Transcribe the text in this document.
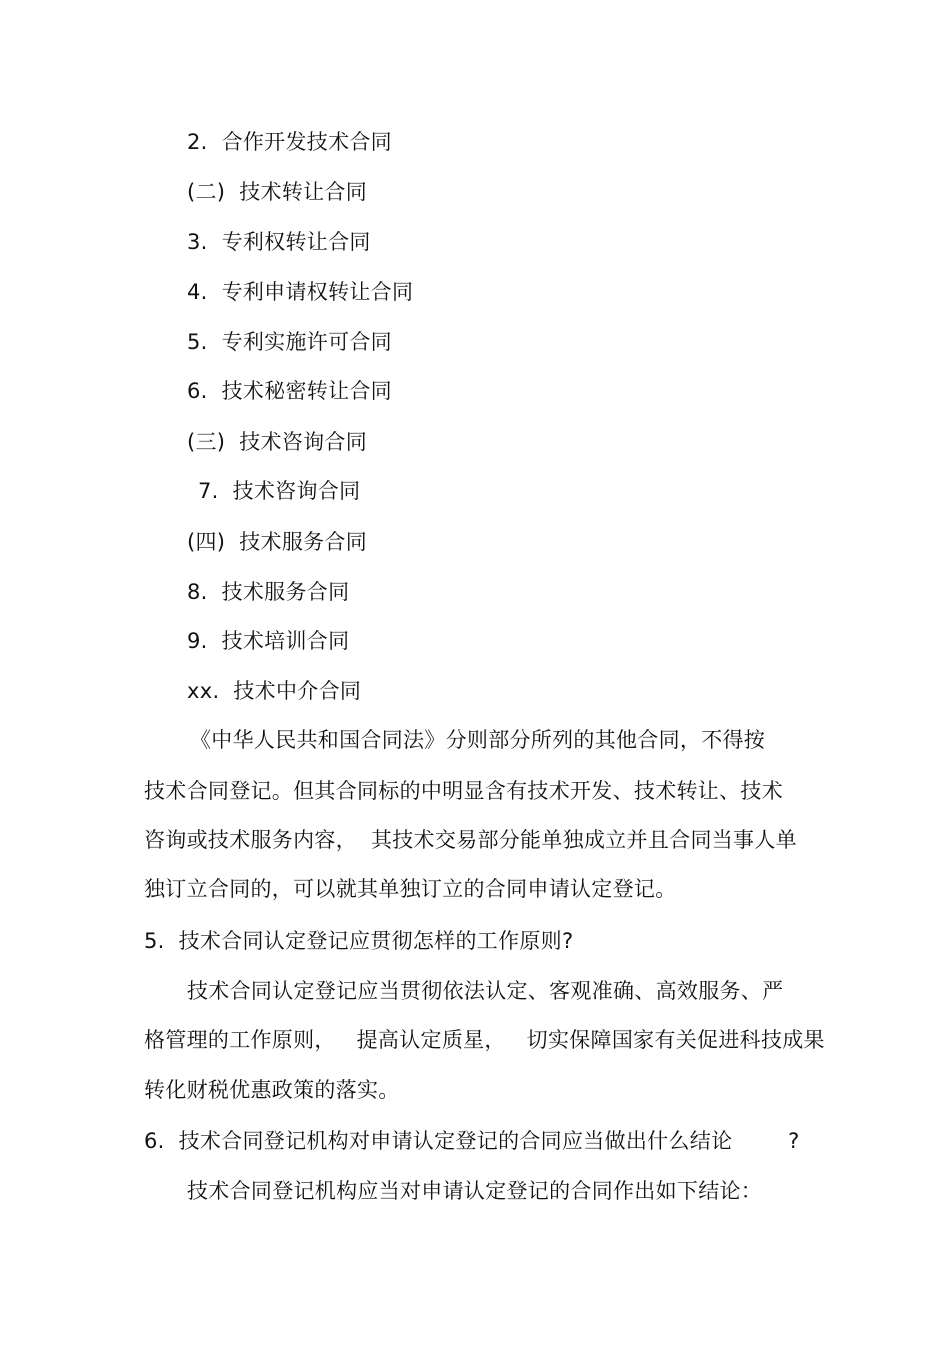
2.  合作开发技术合同
(二)  技术转让合同
3.  专利权转让合同
4.  专利申请权转让合同
5.  专利实施许可合同
6.  技术秘密转让合同
(三)  技术咨询合同
7.  技术咨询合同
(四)  技术服务合同
8.  技术服务合同
9.  技术培训合同
xx.  技术中介合同
《中华人民共和国合同法》分则部分所列的其他合同，不得按
技术合同登记。但其合同标的中明显含有技术开发、技术转让、技术
咨询或技术服务内容，  其技术交易部分能单独成立并且合同当事人单
独订立合同的，可以就其单独订立的合同申请认定登记。
5.  技术合同认定登记应贯彻怎样的工作原则?
技术合同认定登记应当贯彻依法认定、客观准确、高效服务、严
格管理的工作原则，   提高认定质星，   切实保障国家有关促进科技成果
转化财税优惠政策的落实。
6.  技术合同登记机构对申请认定登记的合同应当做出什么结论        ?
技术合同登记机构应当对申请认定登记的合同作出如下结论：
